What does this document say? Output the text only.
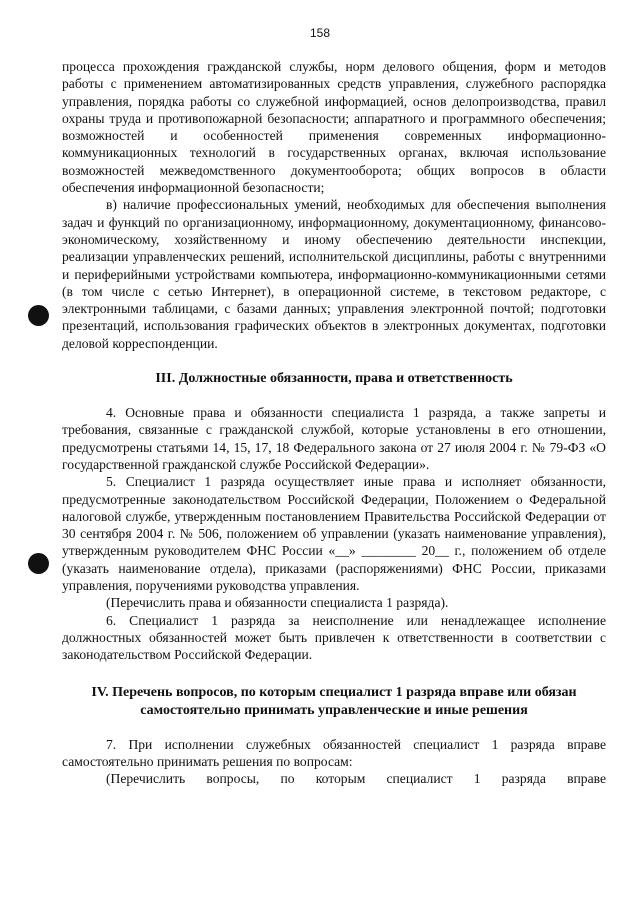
158

процесса прохождения гражданской службы, норм делового общения, форм и методов работы с применением автоматизированных средств управления, служебного распорядка управления, порядка работы со служебной информацией, основ делопроизводства, правил охраны труда и противопожарной безопасности; аппаратного и программного обеспечения; возможностей и особенностей применения современных информационно-коммуникационных технологий в государственных органах, включая использование возможностей межведомственного документооборота; общих вопросов в области обеспечения информационной безопасности;

в) наличие профессиональных умений, необходимых для обеспечения выполнения задач и функций по организационному, информационному, документационному, финансово-экономическому, хозяйственному и иному обеспечению деятельности инспекции, реализации управленческих решений, исполнительской дисциплины, работы с внутренними и периферийными устройствами компьютера, информационно-коммуникационными сетями (в том числе с сетью Интернет), в операционной системе, в текстовом редакторе, с электронными таблицами, с базами данных; управления электронной почтой; подготовки презентаций, использования графических объектов в электронных документах, подготовки деловой корреспонденции.

III. Должностные обязанности, права и ответственность

4. Основные права и обязанности специалиста 1 разряда, а также запреты и требования, связанные с гражданской службой, которые установлены в его отношении, предусмотрены статьями 14, 15, 17, 18 Федерального закона от 27 июля 2004 г. № 79-ФЗ «О государственной гражданской службе Российской Федерации».

5. Специалист 1 разряда осуществляет иные права и исполняет обязанности, предусмотренные законодательством Российской Федерации, Положением о Федеральной налоговой службе, утвержденным постановлением Правительства Российской Федерации от 30 сентября 2004 г. № 506, положением об управлении (указать наименование управления), утвержденным руководителем ФНС России «__» ________ 20__ г., положением об отделе (указать наименование отдела), приказами (распоряжениями) ФНС России, приказами управления, поручениями руководства управления.

(Перечислить права и обязанности специалиста 1 разряда).

6. Специалист 1 разряда за неисполнение или ненадлежащее исполнение должностных обязанностей может быть привлечен к ответственности в соответствии с законодательством Российской Федерации.

IV. Перечень вопросов, по которым специалист 1 разряда вправе или обязан
самостоятельно принимать управленческие и иные решения

7. При исполнении служебных обязанностей специалист 1 разряда вправе самостоятельно принимать решения по вопросам:

(Перечислить вопросы, по которым специалист 1 разряда вправе
